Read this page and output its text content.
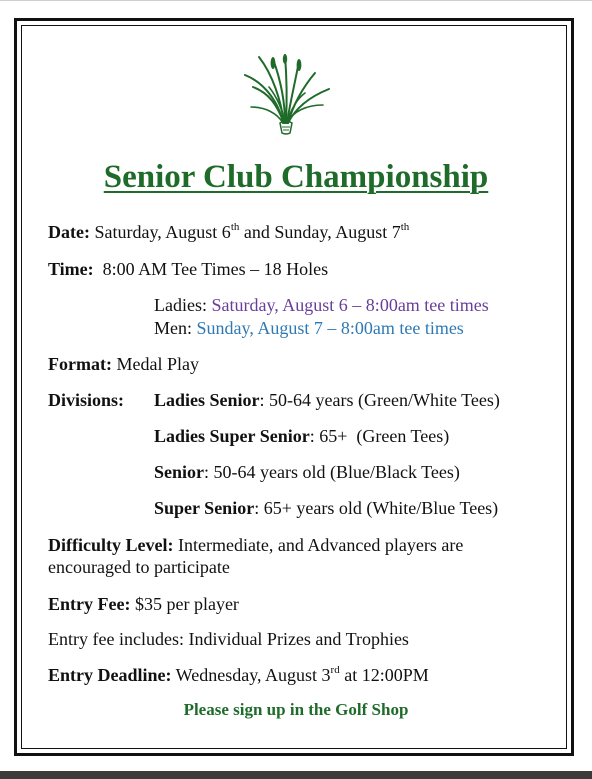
Senior Club Championship
Date: Saturday, August 6th and Sunday, August 7th
Time:  8:00 AM Tee Times – 18 Holes
Ladies: Saturday, August 6 – 8:00am tee times
Men: Sunday, August 7 – 8:00am tee times
Format: Medal Play
Divisions: Ladies Senior: 50-64 years (Green/White Tees)
Ladies Super Senior: 65+  (Green Tees)
Senior: 50-64 years old (Blue/Black Tees)
Super Senior: 65+ years old (White/Blue Tees)
Difficulty Level: Intermediate, and Advanced players are
encouraged to participate
Entry Fee: $35 per player
Entry fee includes: Individual Prizes and Trophies
Entry Deadline: Wednesday, August 3rd at 12:00PM
Please sign up in the Golf Shop
